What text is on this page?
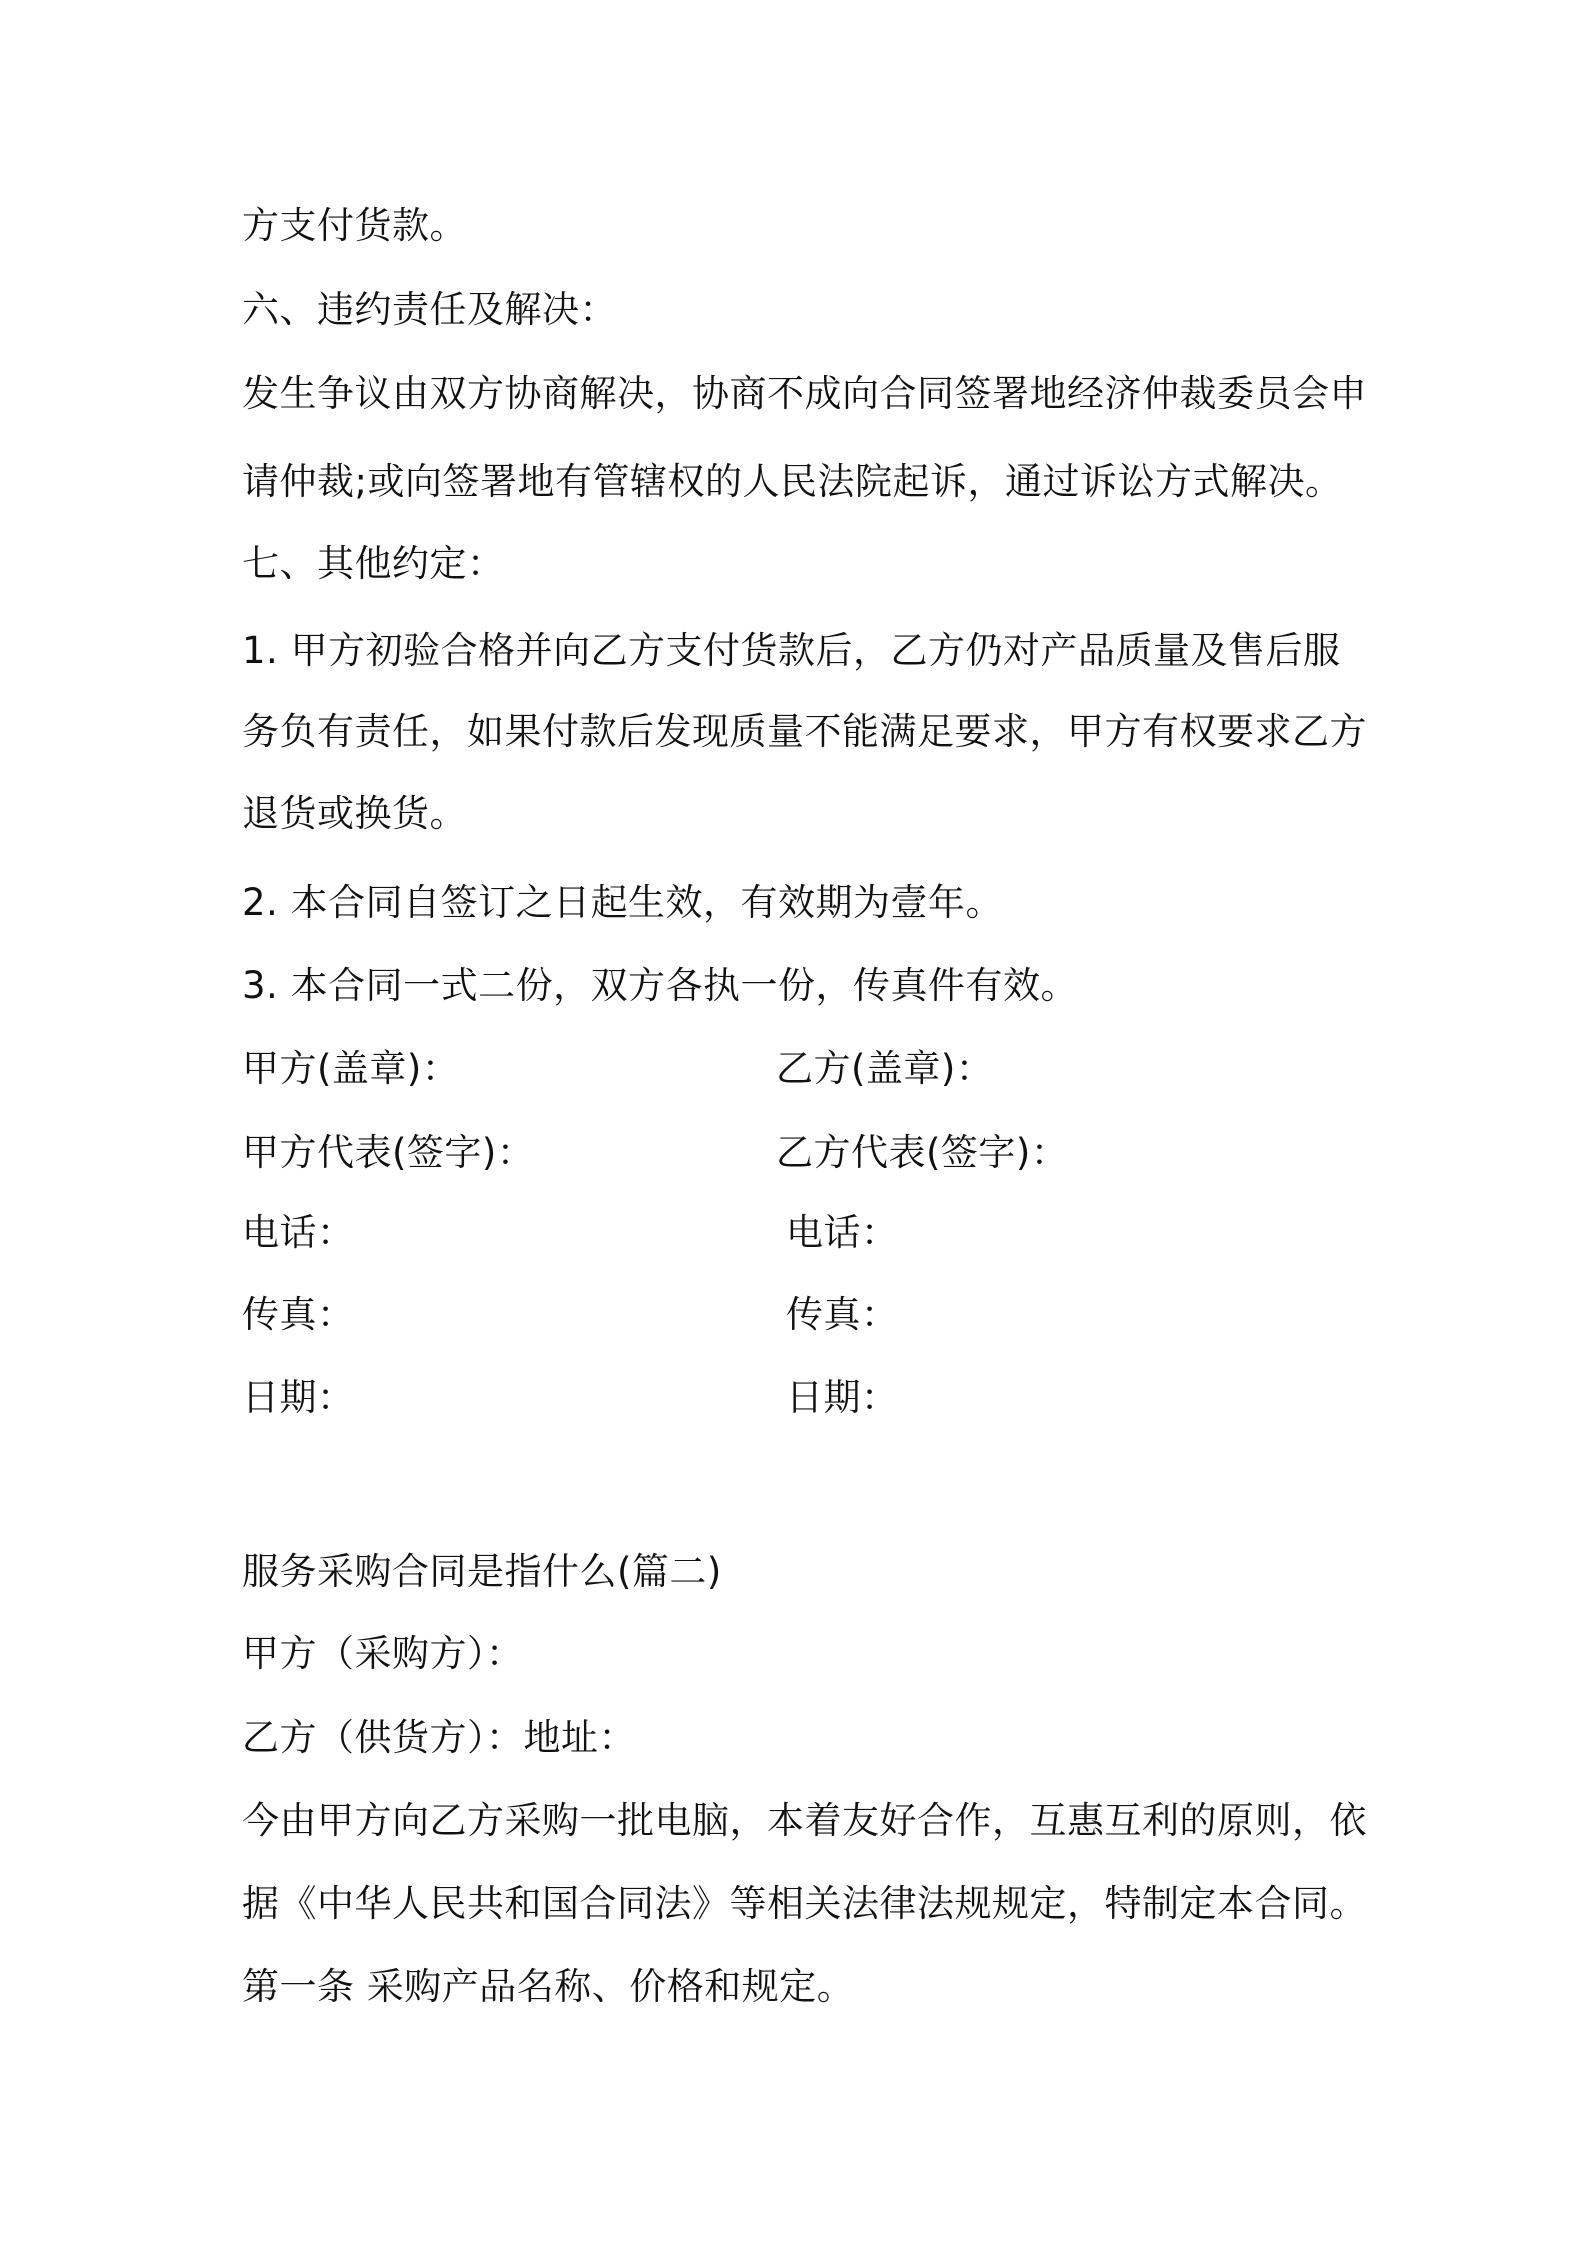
方支付货款。
六、违约责任及解决：
发生争议由双方协商解决，协商不成向合同签署地经济仲裁委员会申
请仲裁;或向签署地有管辖权的人民法院起诉，通过诉讼方式解决。
七、其他约定：
1. 甲方初验合格并向乙方支付货款后，乙方仍对产品质量及售后服
务负有责任，如果付款后发现质量不能满足要求，甲方有权要求乙方
退货或换货。
2. 本合同自签订之日起生效，有效期为壹年。
3. 本合同一式二份，双方各执一份，传真件有效。
甲方(盖章)：	乙方(盖章)：
甲方代表(签字)：	乙方代表(签字)：
电话：	电话：
传真：	传真：
日期：	日期：
服务采购合同是指什么(篇二)
甲方（采购方）：
乙方（供货方）：地址：
今由甲方向乙方采购一批电脑，本着友好合作，互惠互利的原则，依
据《中华人民共和国合同法》等相关法律法规规定，特制定本合同。
第一条 采购产品名称、价格和规定。
